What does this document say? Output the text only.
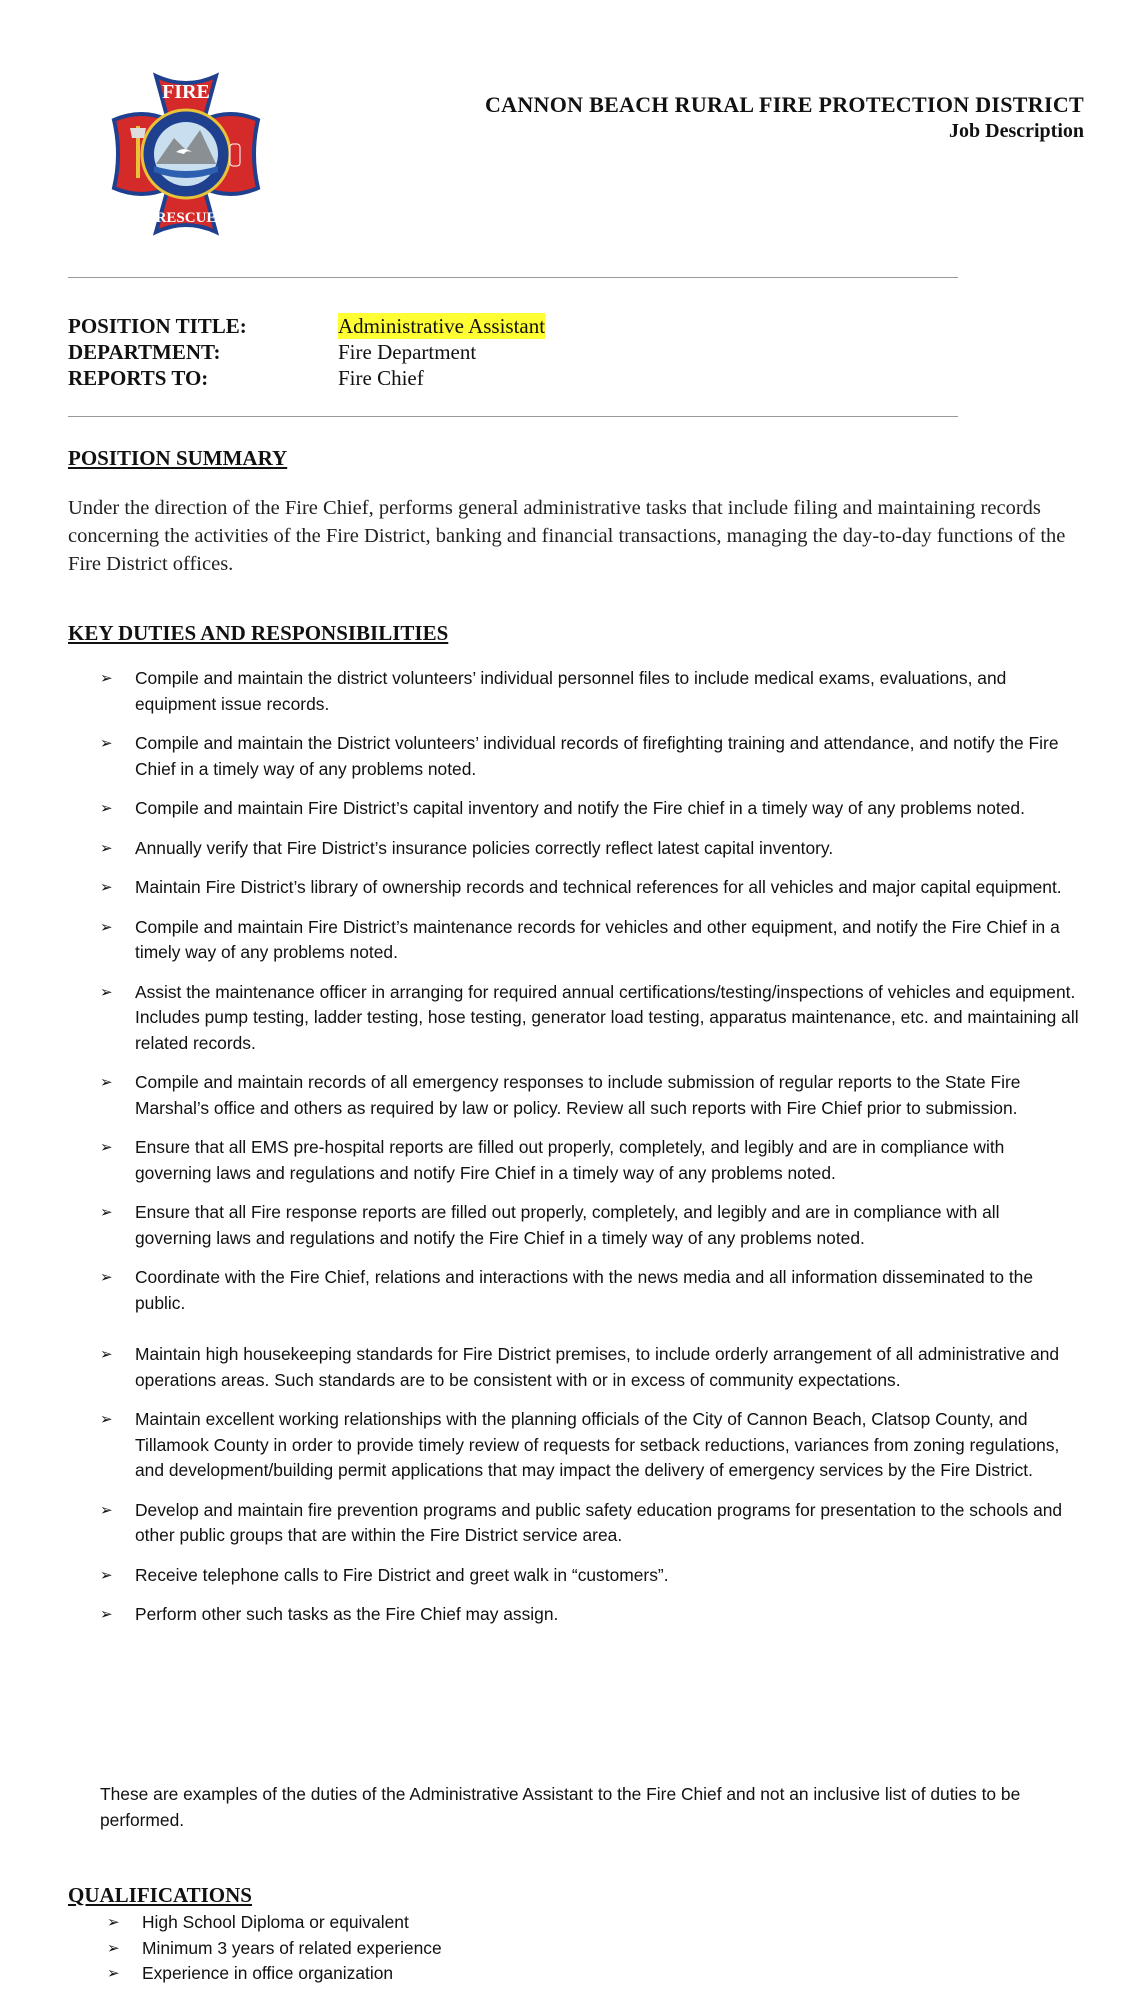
FIRE
RESCUE
CANNON BEACH RURAL FIRE PROTECTION DISTRICT
Job Description
POSITION TITLE:	Administrative Assistant
DEPARTMENT:	Fire Department
REPORTS TO:	Fire Chief
POSITION SUMMARY
Under the direction of the Fire Chief, performs general administrative tasks that include filing and maintaining records concerning the activities of the Fire District, banking and financial transactions, managing the day-to-day functions of the Fire District offices.
KEY DUTIES AND RESPONSIBILITIES
➢ Compile and maintain the district volunteers’ individual personnel files to include medical exams, evaluations, and equipment issue records.
➢ Compile and maintain the District volunteers’ individual records of firefighting training and attendance, and notify the Fire Chief in a timely way of any problems noted.
➢ Compile and maintain Fire District’s capital inventory and notify the Fire chief in a timely way of any problems noted.
➢ Annually verify that Fire District’s insurance policies correctly reflect latest capital inventory.
➢ Maintain Fire District’s library of ownership records and technical references for all vehicles and major capital equipment.
➢ Compile and maintain Fire District’s maintenance records for vehicles and other equipment, and notify the Fire Chief in a timely way of any problems noted.
➢ Assist the maintenance officer in arranging for required annual certifications/testing/inspections of vehicles and equipment. Includes pump testing, ladder testing, hose testing, generator load testing, apparatus maintenance, etc. and maintaining all related records.
➢ Compile and maintain records of all emergency responses to include submission of regular reports to the State Fire Marshal’s office and others as required by law or policy. Review all such reports with Fire Chief prior to submission.
➢ Ensure that all EMS pre-hospital reports are filled out properly, completely, and legibly and are in compliance with governing laws and regulations and notify Fire Chief in a timely way of any problems noted.
➢ Ensure that all Fire response reports are filled out properly, completely, and legibly and are in compliance with all governing laws and regulations and notify the Fire Chief in a timely way of any problems noted.
➢ Coordinate with the Fire Chief, relations and interactions with the news media and all information disseminated to the public.
➢ Maintain high housekeeping standards for Fire District premises, to include orderly arrangement of all administrative and operations areas. Such standards are to be consistent with or in excess of community expectations.
➢ Maintain excellent working relationships with the planning officials of the City of Cannon Beach, Clatsop County, and Tillamook County in order to provide timely review of requests for setback reductions, variances from zoning regulations, and development/building permit applications that may impact the delivery of emergency services by the Fire District.
➢ Develop and maintain fire prevention programs and public safety education programs for presentation to the schools and other public groups that are within the Fire District service area.
➢ Receive telephone calls to Fire District and greet walk in “customers”.
➢ Perform other such tasks as the Fire Chief may assign.
These are examples of the duties of the Administrative Assistant to the Fire Chief and not an inclusive list of duties to be performed.
QUALIFICATIONS
➢ High School Diploma or equivalent
➢ Minimum 3 years of related experience
➢ Experience in office organization
